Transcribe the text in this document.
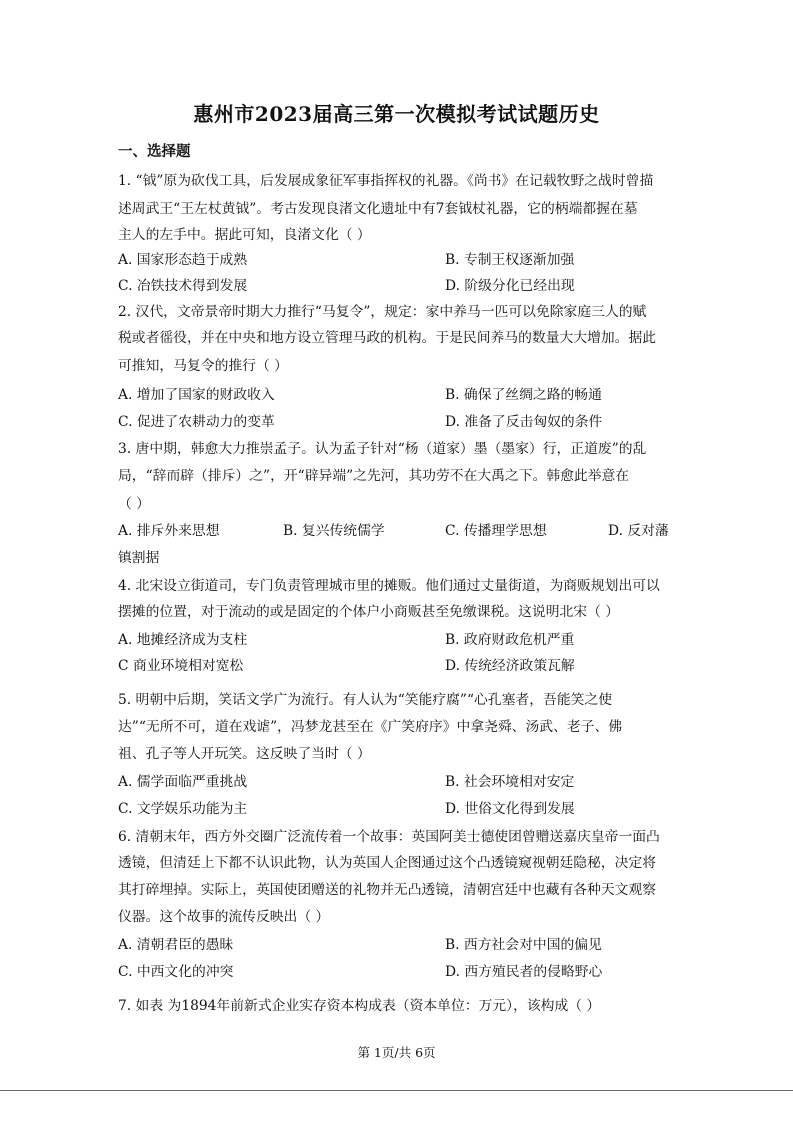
惠州市2023届高三第一次模拟考试试题历史
一、选择题
1. “钺”原为砍伐工具，后发展成象征军事指挥权的礼器。《尚书》在记载牧野之战时曾描
述周武王“王左杖黄钺”。考古发现良渚文化遗址中有7套钺杖礼器，它的柄端都握在墓
主人的左手中。据此可知，良渚文化（ ）
A. 国家形态趋于成熟	B. 专制王权逐渐加强
C. 冶铁技术得到发展	D. 阶级分化已经出现
2. 汉代，文帝景帝时期大力推行“马复令”，规定：家中养马一匹可以免除家庭三人的赋
税或者徭役，并在中央和地方设立管理马政的机构。于是民间养马的数量大大增加。据此
可推知，马复令的推行（ ）
A. 增加了国家的财政收入	B. 确保了丝绸之路的畅通
C. 促进了农耕动力的变革	D. 准备了反击匈奴的条件
3. 唐中期，韩愈大力推崇孟子。认为孟子针对“杨（道家）墨（墨家）行，正道废”的乱
局，“辞而辟（排斥）之”，开“辟异端”之先河，其功劳不在大禹之下。韩愈此举意在
（ ）
A. 排斥外来思想	B. 复兴传统儒学	C. 传播理学思想	D. 反对藩
镇割据
4. 北宋设立街道司，专门负责管理城市里的摊贩。他们通过丈量街道，为商贩规划出可以
摆摊的位置，对于流动的或是固定的个体户小商贩甚至免缴课税。这说明北宋（ ）
A. 地摊经济成为支柱	B. 政府财政危机严重
C 商业环境相对宽松	D. 传统经济政策瓦解
5. 明朝中后期，笑话文学广为流行。有人认为“笑能疗腐”“心孔塞者，吾能笑之使
达”“无所不可，道在戏谑”，冯梦龙甚至在《广笑府序》中拿尧舜、汤武、老子、佛
祖、孔子等人开玩笑。这反映了当时（ ）
A. 儒学面临严重挑战	B. 社会环境相对安定
C. 文学娱乐功能为主	D. 世俗文化得到发展
6. 清朝末年，西方外交圈广泛流传着一个故事：英国阿美士德使团曾赠送嘉庆皇帝一面凸
透镜，但清廷上下都不认识此物，认为英国人企图通过这个凸透镜窥视朝廷隐秘，决定将
其打碎埋掉。实际上，英国使团赠送的礼物并无凸透镜，清朝宫廷中也藏有各种天文观察
仪器。这个故事的流传反映出（ ）
A. 清朝君臣的愚昧	B. 西方社会对中国的偏见
C. 中西文化的冲突	D. 西方殖民者的侵略野心
7. 如表 为1894年前新式企业实存资本构成表（资本单位：万元），该构成（ ）
第 1页/共 6页
